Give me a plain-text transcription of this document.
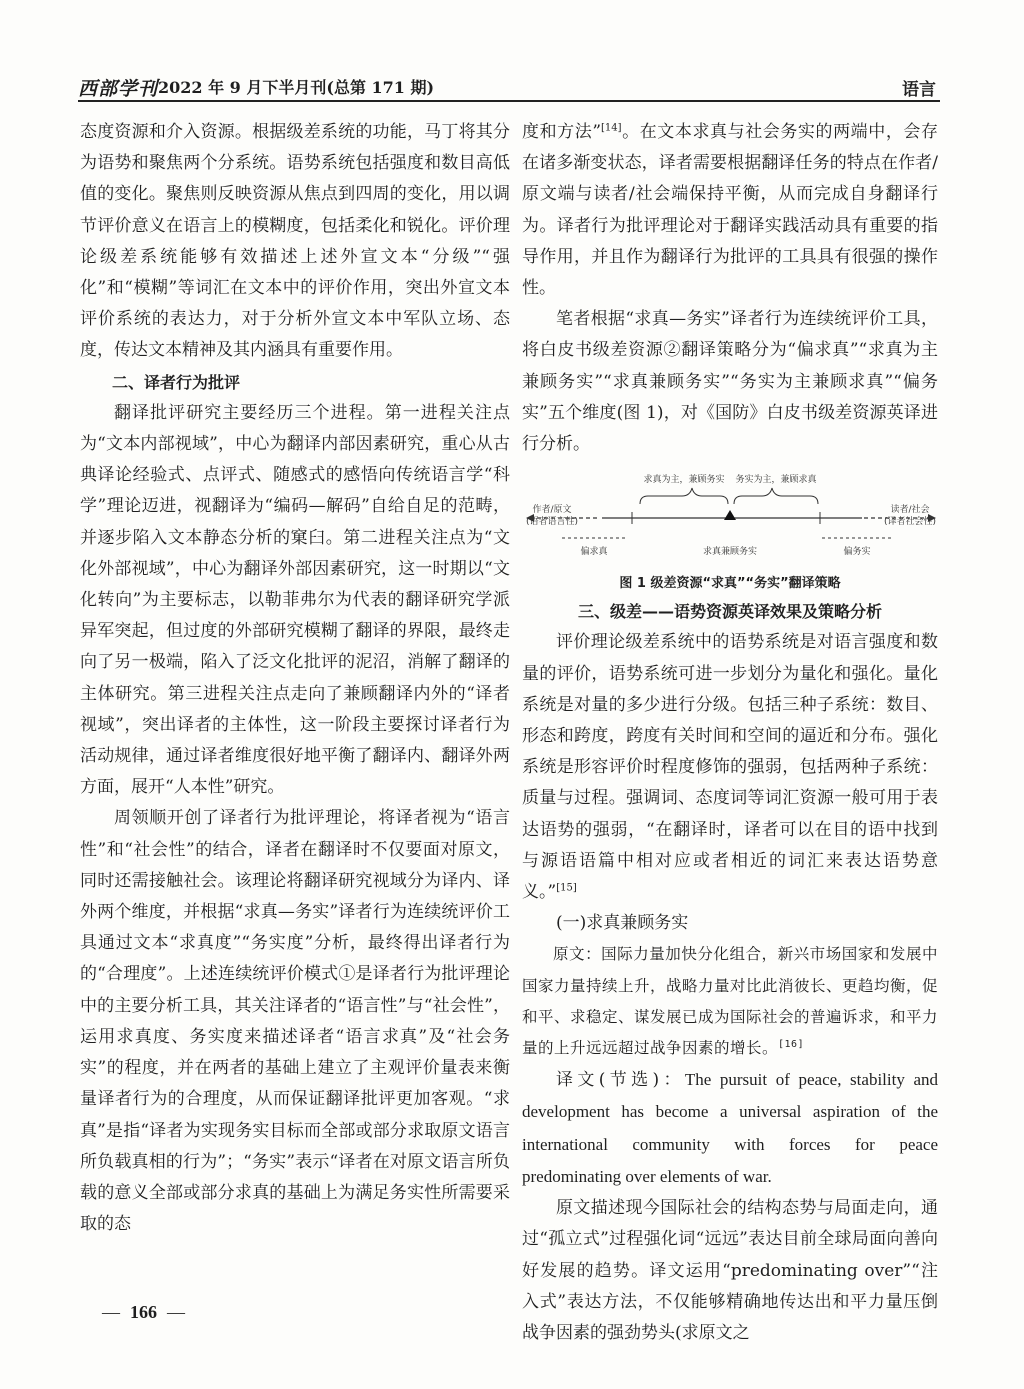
西部学刊 2022 年 9 月下半月刊(总第 171 期)	语言

态度资源和介入资源。根据级差系统的功能，马丁将其分为语势和聚焦两个分系统。语势系统包括强度和数目高低值的变化。聚焦则反映资源从焦点到四周的变化，用以调节评价意义在语言上的模糊度，包括柔化和锐化。评价理论级差系统能够有效描述上述外宣文本“分级”“强化”和“模糊”等词汇在文本中的评价作用，突出外宣文本评价系统的表达力，对于分析外宣文本中军队立场、态度，传达文本精神及其内涵具有重要作用。

二、译者行为批评

翻译批评研究主要经历三个进程。第一进程关注点为“文本内部视域”，中心为翻译内部因素研究，重心从古典译论经验式、点评式、随感式的感悟向传统语言学“科学”理论迈进，视翻译为“编码—解码”自给自足的范畴，并逐步陷入文本静态分析的窠臼。第二进程关注点为“文化外部视域”，中心为翻译外部因素研究，这一时期以“文化转向”为主要标志，以勒菲弗尔为代表的翻译研究学派异军突起，但过度的外部研究模糊了翻译的界限，最终走向了另一极端，陷入了泛文化批评的泥沼，消解了翻译的主体研究。第三进程关注点走向了兼顾翻译内外的“译者视域”，突出译者的主体性，这一阶段主要探讨译者行为活动规律，通过译者维度很好地平衡了翻译内、翻译外两方面，展开“人本性”研究。

周领顺开创了译者行为批评理论，将译者视为“语言性”和“社会性”的结合，译者在翻译时不仅要面对原文，同时还需接触社会。该理论将翻译研究视域分为译内、译外两个维度，并根据“求真—务实”译者行为连续统评价工具通过文本“求真度”“务实度”分析，最终得出译者行为的“合理度”。上述连续统评价模式①是译者行为批评理论中的主要分析工具，其关注译者的“语言性”与“社会性”，运用求真度、务实度来描述译者“语言求真”及“社会务实”的程度，并在两者的基础上建立了主观评价量表来衡量译者行为的合理度，从而保证翻译批评更加客观。“求真”是指“译者为实现务实目标而全部或部分求取原文语言所负载真相的行为”；“务实”表示“译者在对原文语言所负载的意义全部或部分求真的基础上为满足务实性所需要采取的态

度和方法”[14]。在文本求真与社会务实的两端中，会存在诸多渐变状态，译者需要根据翻译任务的特点在作者/原文端与读者/社会端保持平衡，从而完成自身翻译行为。译者行为批评理论对于翻译实践活动具有重要的指导作用，并且作为翻译行为批评的工具具有很强的操作性。

笔者根据“求真—务实”译者行为连续统评价工具，将白皮书级差资源②翻译策略分为“偏求真”“求真为主兼顾务实”“求真兼顾务实”“务实为主兼顾求真”“偏务实”五个维度(图 1)，对《国防》白皮书级差资源英译进行分析。

作者/原文
(语者语言性)
读者/社会
(译者社会性)
求真为主，兼顾务实 务实为主，兼顾求真
偏求真	求真兼顾务实	偏务实

图 1 级差资源“求真”“务实”翻译策略

三、级差——语势资源英译效果及策略分析

评价理论级差系统中的语势系统是对语言强度和数量的评价，语势系统可进一步划分为量化和强化。量化系统是对量的多少进行分级。包括三种子系统：数目、形态和跨度，跨度有关时间和空间的逼近和分布。强化系统是形容评价时程度修饰的强弱，包括两种子系统：质量与过程。强调词、态度词等词汇资源一般可用于表达语势的强弱，“在翻译时，译者可以在目的语中找到与源语语篇中相对应或者相近的词汇来表达语势意义。”[15]

(一)求真兼顾务实

原文：国际力量加快分化组合，新兴市场国家和发展中国家力量持续上升，战略力量对比此消彼长、更趋均衡，促和平、求稳定、谋发展已成为国际社会的普遍诉求，和平力量的上升远远超过战争因素的增长。[16]

译文(节选)：The pursuit of peace, stability and development has become a universal aspiration of the international community with forces for peace predominating over elements of war.

原文描述现今国际社会的结构态势与局面走向，通过“孤立式”过程强化词“远远”表达目前全球局面向善向好发展的趋势。译文运用“predominating over”“注入式”表达方法，不仅能够精确地传达出和平力量压倒战争因素的强劲势头(求原文之

— 166 —
